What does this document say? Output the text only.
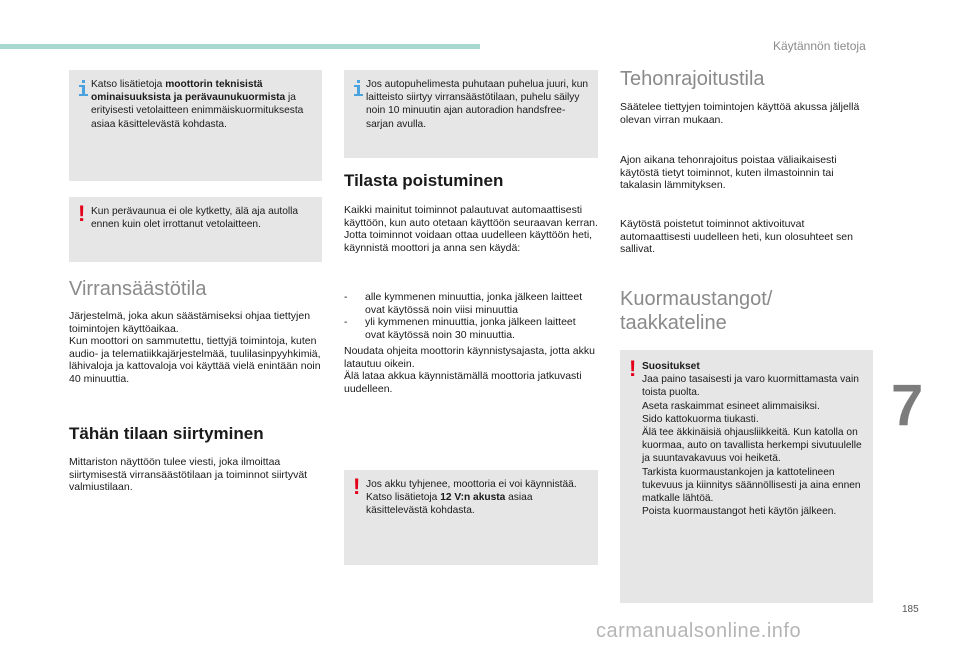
Käytännön tietoja
Katso lisätietoja moottorin teknisistä ominaisuuksista ja perävaunukuormista ja erityisesti vetolaitteen enimmäiskuormituksesta asiaa käsittelevästä kohdasta.
! Kun perävaunua ei ole kytketty, älä aja autolla ennen kuin olet irrottanut vetolaitteen.
Virransäästötila
Järjestelmä, joka akun säästämiseksi ohjaa tiettyjen toimintojen käyttöaikaa.
Kun moottori on sammutettu, tiettyjä toimintoja, kuten audio- ja telematiikkajärjestelmää, tuulilasinpyyhkimiä, lähivaloja ja kattovaloja voi käyttää vielä enintään noin 40 minuuttia.
Tähän tilaan siirtyminen
Mittariston näyttöön tulee viesti, joka ilmoittaa siirtymisestä virransäästötilaan ja toiminnot siirtyvät valmiustilaan.
Jos autopuhelimesta puhutaan puhelua juuri, kun laitteisto siirtyy virransäästötilaan, puhelu säilyy noin 10 minuutin ajan autoradion handsfree-sarjan avulla.
Tilasta poistuminen
Kaikki mainitut toiminnot palautuvat automaattisesti käyttöön, kun auto otetaan käyttöön seuraavan kerran.
Jotta toiminnot voidaan ottaa uudelleen käyttöön heti, käynnistä moottori ja anna sen käydä:
- alle kymmenen minuuttia, jonka jälkeen laitteet ovat käytössä noin viisi minuuttia
- yli kymmenen minuuttia, jonka jälkeen laitteet ovat käytössä noin 30 minuuttia.
Noudata ohjeita moottorin käynnistysajasta, jotta akku latautuu oikein.
Älä lataa akkua käynnistämällä moottoria jatkuvasti uudelleen.
! Jos akku tyhjenee, moottoria ei voi käynnistää.
Katso lisätietoja 12 V:n akusta asiaa käsittelevästä kohdasta.
Tehonrajoitustila
Säätelee tiettyjen toimintojen käyttöä akussa jäljellä olevan virran mukaan.
Ajon aikana tehonrajoitus poistaa väliaikaisesti käytöstä tietyt toiminnot, kuten ilmastoinnin tai takalasin lämmityksen.
Käytöstä poistetut toiminnot aktivoituvat automaattisesti uudelleen heti, kun olosuhteet sen sallivat.
Kuormaustangot/
taakkateline
! Suositukset
Jaa paino tasaisesti ja varo kuormittamasta vain toista puolta.
Aseta raskaimmat esineet alimmaisiksi.
Sido kattokuorma tiukasti.
Älä tee äkkinäisiä ohjausliikkeitä. Kun katolla on kuormaa, auto on tavallista herkempi sivutuulelle ja suuntavakavuus voi heiketä.
Tarkista kuormaustankojen ja kattotelineen tukevuus ja kiinnitys säännöllisesti ja aina ennen matkalle lähtöä.
Poista kuormaustangot heti käytön jälkeen.
7
185
carmanualsonline.info
